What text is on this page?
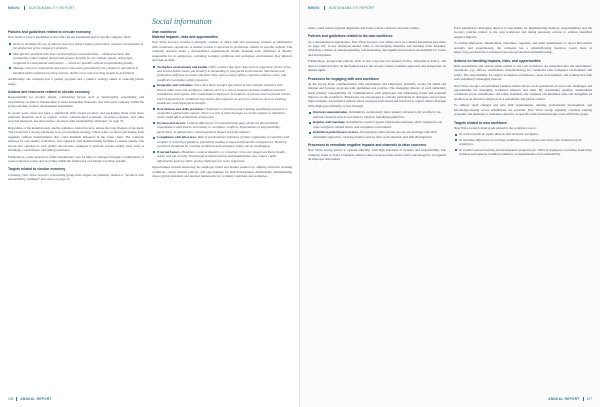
MINVU	SUSTAINABILITY REPORT
Policies and guidelines related to circular economy

New Nexus Group’s guidelines in the CSR and environmental policy that the company shall:

Strive to minimize the use of natural resources (direct impact) and reduce resource consumption in the production of the company’s products.
Manufacture products with lower prefixed (direct and materials) — defined as those that consistently reduce impact and provide greater benefits for the climate, nature, and people compared to conventional alternatives — whenever possible without compromising quality.
Manage resources responsibly and ensure that waste generated by the company’s operations is handled within national recycling systems. Textile reuse and recycling should be prioritized.

Additionally, the company has a quality program and a plastics strategy aimed at reducing plastic usage.

Actions and resources related to circular economy

Responsibility for product design, considering factors such as functionality, reparability, and recyclability, as well as transitioning to more sustainable materials, lies with each company within the group and their product development department.

In recent years, there has been a significant shift toward products and packaging made from more preferred materials such as organic cotton, solution-dyed polyester, recycled polyester, and other recycled materials, use more native “products with sustainability attributes” on page 72.

Regardless of the material used, quality remains a central focus to ensure the long lifespan of products. The Group has a strong advantage in its procurement strategy, which relies on direct purchasing from suppliers without intermediaries that could diminish influence in the value chain. The company employs its own quality controllers, who regularly visit manufacturing facilities to ensure quality. The Group also operates its own quality laboratories, equipped to perform various quality tests, such as shrinkage, colorfastness, and pilling resistance.

Furthermore, waste generated within subsidiaries’ own facilities is managed through a combination of waste reduction, reuse, and recycling within the framework of national recycling systems.

Targets related to circular economy

Currently, New Wave Group’s overarching group-wide targets are primarily related to “products with sustainability attributes” now more on page 72.

Social information
Own workforce
Material impacts, risks and opportunities

New Wave Group’s workforce primarily consists of office staff and warehouse workers at subsidiaries with warehouse operations. A smaller portion is involved in production, mainly in specific regions. The company operates under a decentralized organizational model, meaning each subsidiary is directly responsible for its employees, including working conditions and workplace environment. Key impacts and risks include:

Workplace environment and health. Office workers may face risks such as ergonomic strain, stress, and mental health issues, particularly in demanding or fast-paced environments. Warehouse and production staff may encounter physical risks, such as heavy lifting, repetitive motions, noise, and insufficient workplace safety measures.
Inequality and variations. Since New Wave Group’s operations across multiple countries with diverse labor laws and workplace cultures, there is a risk of unequal working conditions between subsidiaries and regions. This could impact employees’ perceptions of fairness and corporate culture. Lack of alignment in conditions may lead to discrepancies in access to resources such as training, healthcare, and employment benefits.
Recruitment and skills provision. Challenges in attracting and retaining qualified personnel in a competitive global labor market. There is a risk of skill shortages in certain regions or industries, which could affect productivity and growth.
Psychosocial factors. Cultural differences or communication gaps within the decentralized organization could lead to uncertainty or workplace conflicts. Expectations of high flexibility, particularly in global roles, could negatively impact work-life balance.
Compliance with labor laws. Risk of unintentional violations of labor regulations in countries with complex or evolving legislation, potentially leading to legal and financial consequences. Ensuring consistent standards for working conditions and workplace safety can be challenging.
External factors. Pandemics, natural disasters, or economic crises can impact workforce health, safety, and job security. Technological advancements and digitalization may require rapid adjustments and new skills, posing challenges for some employees.

Opportunities include enhancing the employer brand and market position by offering attractive working conditions, robust internal policies, and opportunities for skill development. Additionally, implementing clearer global standards and internal frameworks for working conditions and workplace

106 ANNUAL REPORT
MINVU	SUSTAINABILITY REPORT

safety could reduce regional disparities and foster a more coherent corporate culture.

Policies and guidelines related to the own workforce

As a decentralized organization, New Wave Group’s core values serve as a shared foundation (see more on page 10). A key employee-related value is encouraging initiative and learning from mistakes, reflecting a culture of entrepreneurship, self-leadership, and significant personal responsibility for career and development.

Furthermore, group-wide policies such as the Corporate Governance Policy, Information Policy, and Anti-Corruption Policy set the framework for the Group’s values, business approach, and perspective on human rights.

Processes for engaging with own workforce

At the Group level, communication with subsidiaries and employees primarily occurs via email and intranet and focuses on group-wide guidelines and policies. The managing director of each subsidiary holds primary responsibility for communication with employees and addressing actual and potential impacts on the workforce. Employees are encouraged to actively participate in dialogues and propose improvements. An inclusive culture where everyone feels heard and involved is central. Direct dialogue with employees primarily occurs through:

Internal communication. Subsidiaries continuously share updates relevant to the workforce via internal channels such as newsletters, intranet, and digital platforms.
Regular staff meetings. Subsidiaries conduct regular information meetings where employees can raise workforce-related issues, and workplace environment.
Individual performance reviews. All employees have annual one-on-one meetings with their immediate supervisor covering matters such as their work situation and skill development.
Processes to remediate negative impacts and channels to raise concerns

New Wave Group strives to operate ethically, with high standards of honesty and responsibility. The company seeks to foster a business culture where everyone feels secure and is encouraged to act against all improper misconduct.

Each subsidiary’s managing director is responsible for implementing statutory responsibilities and the Group’s policies related to the own workforce and taking necessary actions to address identified negative impacts.

To enable employees, shareholders, customers, suppliers, and other stakeholders to report misconduct securely and anonymously, the company has a whistleblowing function. Learn more at https://nwg.se/en/investor-relations/corporate-governance/whistleblowing/.

Actions on handling impacts, risks, and opportunities

Risk assessments and actions plans related to the own workforce are integrated into the subsidiaries’ operations, e.g., offices, warehouses, manufacturing) are conducted with workplace environment and safety. The responsibility for regular workplace evaluations, career development, and training lies with each subsidiary’s managing director.

New Wave Group’s decentralized business model allows each operational process both challenges and opportunities for managing workforce impacts and risks. By prioritizing equality, standardized conditions across subsidiaries, and safety standards, the company can minimize risks and strengthen its position as an attractive employer in a sustainable and global context.

To address rapid changes and new skill requirements, training, professional development, and knowledge-sharing across subsidiaries are essential. New Wave Group regularly conducts training programs and meetings to exchange expertise on specific tasks and knowledge areas within the group.

Targets related to own workforce

New Wave Group’s main goals related to the workforce are to:

To work towards an equal, diverse, and inclusive workplace.
To minimize differences in working conditions across regions and ensure fair treatment of all employees.
To conduct annual training and development programs for 100% of employees, including leadership training and capacity-building initiatives on digitalization and sustainability.
ANNUAL REPORT 107
